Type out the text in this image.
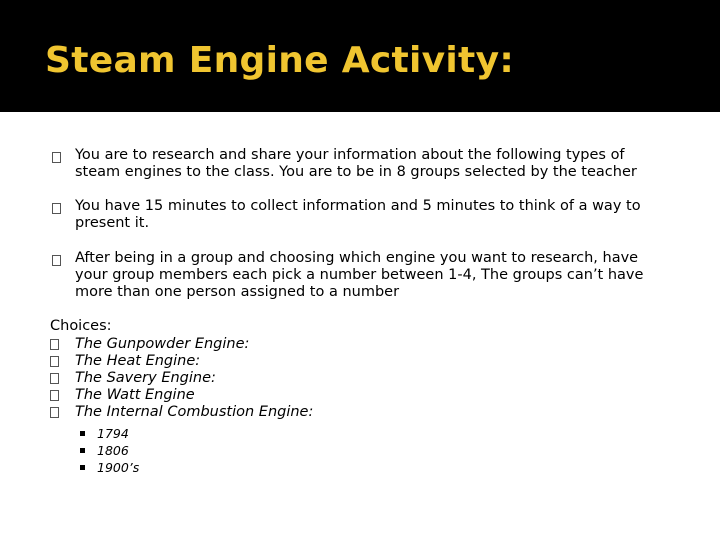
Steam Engine Activity:
You are to research and share your information about the following types of
steam engines to the class. You are to be in 8 groups selected by the teacher
You have 15 minutes to collect information and 5 minutes to think of a way to
present it.
After being in a group and choosing which engine you want to research, have
your group members each pick a number between 1-4, The groups can’t have
more than one person assigned to a number
Choices:
The Gunpowder Engine:
The Heat Engine:
The Savery Engine:
The Watt Engine
The Internal Combustion Engine:
1794
1806
1900’s
